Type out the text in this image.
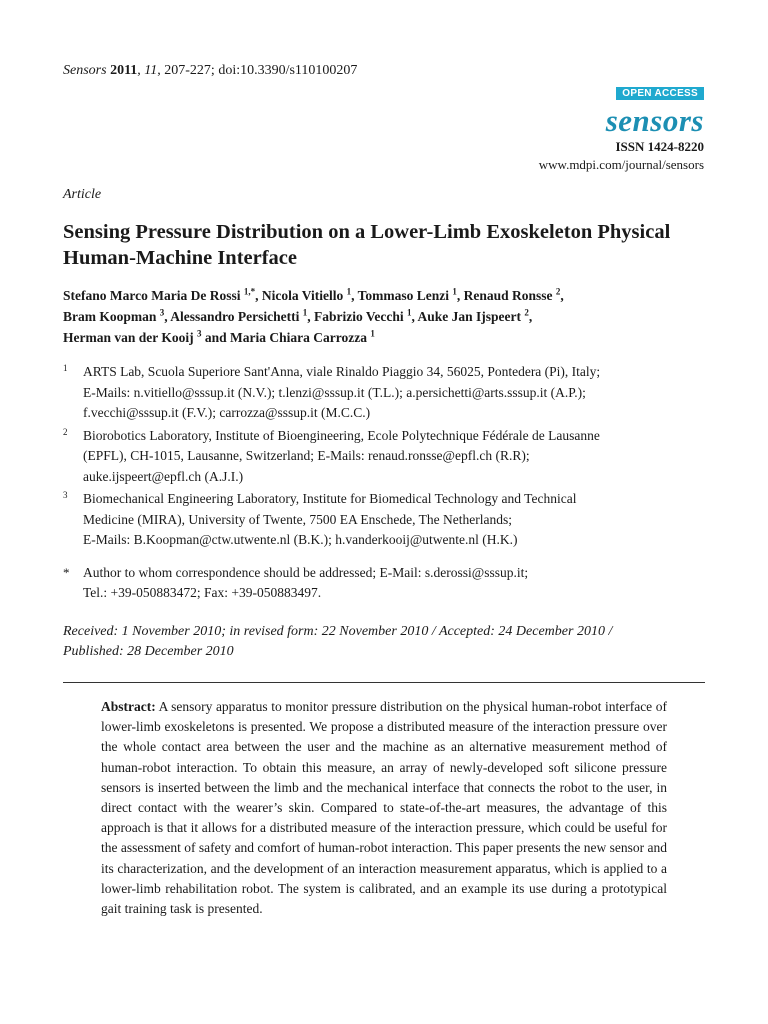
Sensors 2011, 11, 207-227; doi:10.3390/s110100207
OPEN ACCESS
sensors
ISSN 1424-8220
www.mdpi.com/journal/sensors
Article
Sensing Pressure Distribution on a Lower-Limb Exoskeleton Physical Human-Machine Interface
Stefano Marco Maria De Rossi $^{1,*}$, Nicola Vitiello $^1$, Tommaso Lenzi $^1$, Renaud Ronsse $^2$,
Bram Koopman $^3$, Alessandro Persichetti $^1$, Fabrizio Vecchi $^1$, Auke Jan Ijspeert $^2$,
Herman van der Kooij $^3$ and Maria Chiara Carrozza $^1$
1 ARTS Lab, Scuola Superiore Sant'Anna, viale Rinaldo Piaggio 34, 56025, Pontedera (Pi), Italy;
E-Mails: n.vitiello@sssup.it (N.V.); t.lenzi@sssup.it (T.L.); a.persichetti@arts.sssup.it (A.P.);
f.vecchi@sssup.it (F.V.); carrozza@sssup.it (M.C.C.)
2 Biorobotics Laboratory, Institute of Bioengineering, Ecole Polytechnique Fédérale de Lausanne
(EPFL), CH-1015, Lausanne, Switzerland; E-Mails: renaud.ronsse@epfl.ch (R.R);
auke.ijspeert@epfl.ch (A.J.I.)
3 Biomechanical Engineering Laboratory, Institute for Biomedical Technology and Technical
Medicine (MIRA), University of Twente, 7500 EA Enschede, The Netherlands;
E-Mails: B.Koopman@ctw.utwente.nl (B.K.); h.vanderkooij@utwente.nl (H.K.)
* Author to whom correspondence should be addressed; E-Mail: s.derossi@sssup.it;
Tel.: +39-050883472; Fax: +39-050883497.
Received: 1 November 2010; in revised form: 22 November 2010 / Accepted: 24 December 2010 /
Published: 28 December 2010
Abstract: A sensory apparatus to monitor pressure distribution on the physical human-robot interface of lower-limb exoskeletons is presented. We propose a distributed measure of the interaction pressure over the whole contact area between the user and the machine as an alternative measurement method of human-robot interaction. To obtain this measure, an array of newly-developed soft silicone pressure sensors is inserted between the limb and the mechanical interface that connects the robot to the user, in direct contact with the wearer’s skin. Compared to state-of-the-art measures, the advantage of this approach is that it allows for a distributed measure of the interaction pressure, which could be useful for the assessment of safety and comfort of human-robot interaction. This paper presents the new sensor and its characterization, and the development of an interaction measurement apparatus, which is applied to a lower-limb rehabilitation robot. The system is calibrated, and an example its use during a prototypical gait training task is presented.
